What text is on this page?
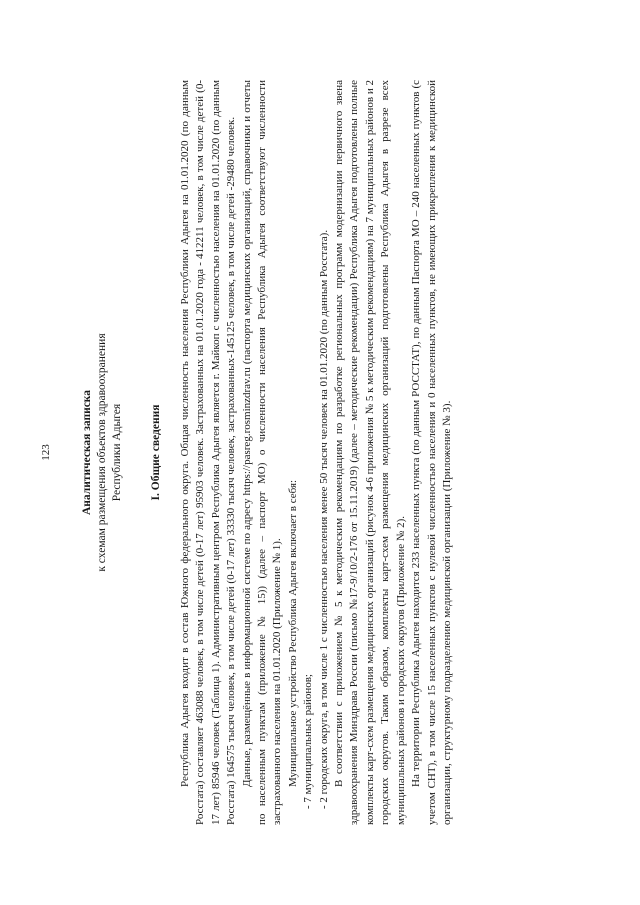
123	Аналитическая записка к схемам размещения объектов здравоохранения Республики Адыгея I. Общие сведения Республика Адыгея входит в состав Южного федерального округа. Общая численность населения Республики Адыгея на 01.01.2020 (по данным Росстата) составляет 463088 человек, в том числе детей (0-17 лет) 95903 человек. Застрахованных на 01.01.2020 года - 412211 человек, в том числе детей (0-17 лет) 85946 человек (Таблица 1). Административным центром Республика Адыгея является г. Майкоп с численностью населения на 01.01.2020 (по данным Росстата) 164575 тысяч человек, в том числе детей (0-17 лет) 33330 тысяч человек, застрахованных-145125 человек, в том числе детей -29480 человек. Данные, размещённые в информационной системе по адресу https://pasreg.rosminzdrav.ru (паспорта медицинских организаций, справочники и отчеты по населенным пунктам (приложение № 15)) (далее – паспорт МО) о численности населения Республика Адыгея соответствуют численности застрахованного населения на 01.01.2020 (Приложение № 1). Муниципальное устройство Республика Адыгея включает в себя: - 7 муниципальных районов; - 2 городских округа, в том числе 1 с численностью населения менее 50 тысяч человек на 01.01.2020 (по данным Росстата). В соответствии с приложением № 5 к методическим рекомендациям по разработке региональных программ модернизации первичного звена здравоохранения Минздрава России (письмо №17-9/10/2-176 от 15.11.2019) (далее – методические рекомендации) Республика Адыгея подготовлены полные комплекты карт-схем размещения медицинских организаций (рисунок 4-6 приложения № 5 к методическим рекомендациям) на 7 муниципальных районов и 2 городских округов. Таким образом, комплекты карт-схем размещения медицинских организаций подготовлены Республика Адыгея в разрезе всех муниципальных районов и городских округов (Приложение № 2). На территории Республика Адыгея находится 233 населенных пункта (по данным РОССТАТ), по данным Паспорта МО – 240 населенных пунктов (с учетом СНТ), в том числе 15 населенных пунктов с нулевой численностью населения и 0 населенных пунктов, не имеющих прикрепления к медицинской организации, структурному подразделению медицинской организации (Приложение № 3).
